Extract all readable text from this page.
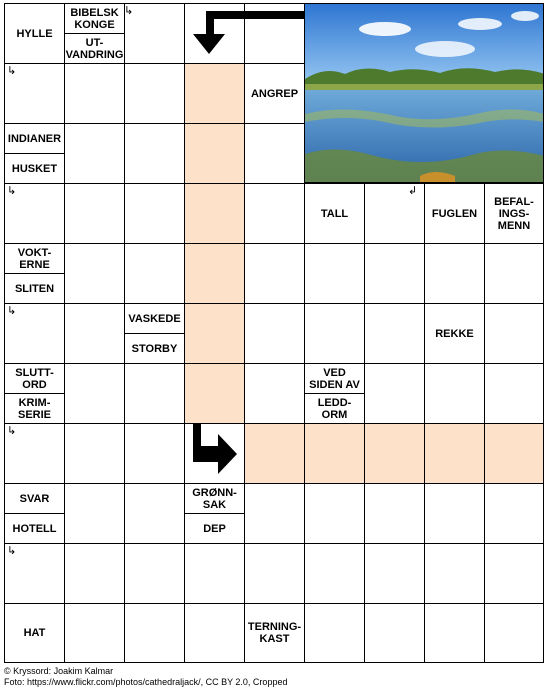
HYLLE
BIBELSK KONGE
UT-VANDRING
ANGREP
INDIANER
HUSKET
TALL	FUGLEN
BEFAL-INGS-MENN
VOKT-ERNE
SLITEN
VASKEDE
STORBY
REKKE
SLUTT-ORD
KRIM-SERIE
VED SIDEN AV
LEDD-ORM
SVAR
HOTELL
GRØNN-SAK
DEP
HAT	TERNING-KAST
↳
↳
↳
↳
↳
↳
↲
© Kryssord: Joakim Kalmar
Foto: https://www.flickr.com/photos/cathedraljack/, CC BY 2.0, Cropped
